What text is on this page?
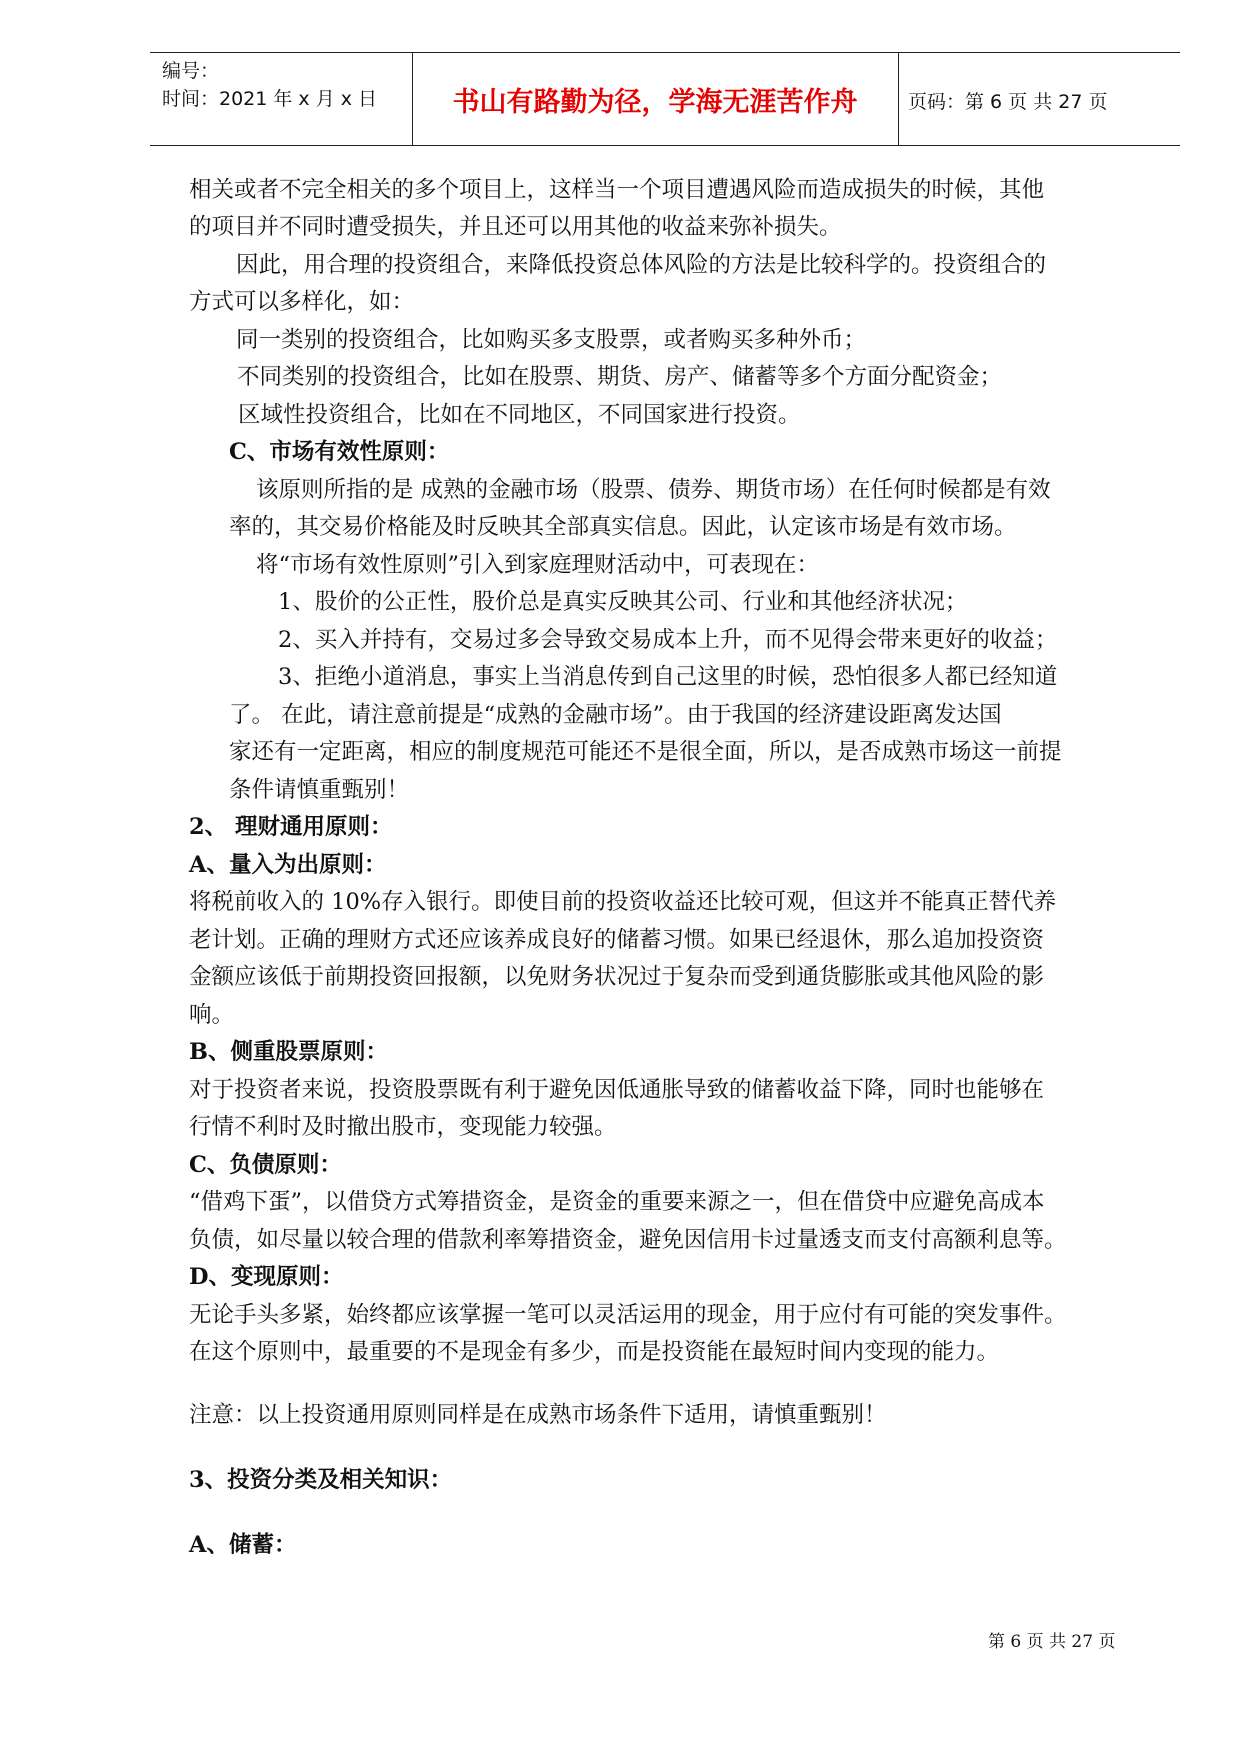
编号：
时间：2021 年 x 月 x 日	书山有路勤为径，学海无涯苦作舟	页码：第 6 页 共 27 页
相关或者不完全相关的多个项目上，这样当一个项目遭遇风险而造成损失的时候，其他
的项目并不同时遭受损失，并且还可以用其他的收益来弥补损失。
因此，用合理的投资组合，来降低投资总体风险的方法是比较科学的。投资组合的
方式可以多样化，如：
同一类别的投资组合，比如购买多支股票，或者购买多种外币；
不同类别的投资组合，比如在股票、期货、房产、储蓄等多个方面分配资金；
区域性投资组合，比如在不同地区，不同国家进行投资。
C、市场有效性原则：
该原则所指的是 成熟的金融市场（股票、债券、期货市场）在任何时候都是有效
率的，其交易价格能及时反映其全部真实信息。因此，认定该市场是有效市场。
将“市场有效性原则”引入到家庭理财活动中，可表现在：
1、股价的公正性，股价总是真实反映其公司、行业和其他经济状况；
2、买入并持有，交易过多会导致交易成本上升，而不见得会带来更好的收益；
3、拒绝小道消息，事实上当消息传到自己这里的时候，恐怕很多人都已经知道
了。 在此，请注意前提是“成熟的金融市场”。由于我国的经济建设距离发达国
家还有一定距离，相应的制度规范可能还不是很全面，所以，是否成熟市场这一前提
条件请慎重甄别！
2、 理财通用原则：
A、量入为出原则：
将税前收入的 10%存入银行。即使目前的投资收益还比较可观，但这并不能真正替代养
老计划。正确的理财方式还应该养成良好的储蓄习惯。如果已经退休，那么追加投资资
金额应该低于前期投资回报额，以免财务状况过于复杂而受到通货膨胀或其他风险的影
响。
B、侧重股票原则：
对于投资者来说，投资股票既有利于避免因低通胀导致的储蓄收益下降，同时也能够在
行情不利时及时撤出股市，变现能力较强。
C、负债原则：
“借鸡下蛋”，以借贷方式筹措资金，是资金的重要来源之一，但在借贷中应避免高成本
负债，如尽量以较合理的借款利率筹措资金，避免因信用卡过量透支而支付高额利息等。
D、变现原则：
无论手头多紧，始终都应该掌握一笔可以灵活运用的现金，用于应付有可能的突发事件。
在这个原则中，最重要的不是现金有多少，而是投资能在最短时间内变现的能力。
注意：以上投资通用原则同样是在成熟市场条件下适用，请慎重甄别！
3、投资分类及相关知识：
A、储蓄：
第 6 页 共 27 页
